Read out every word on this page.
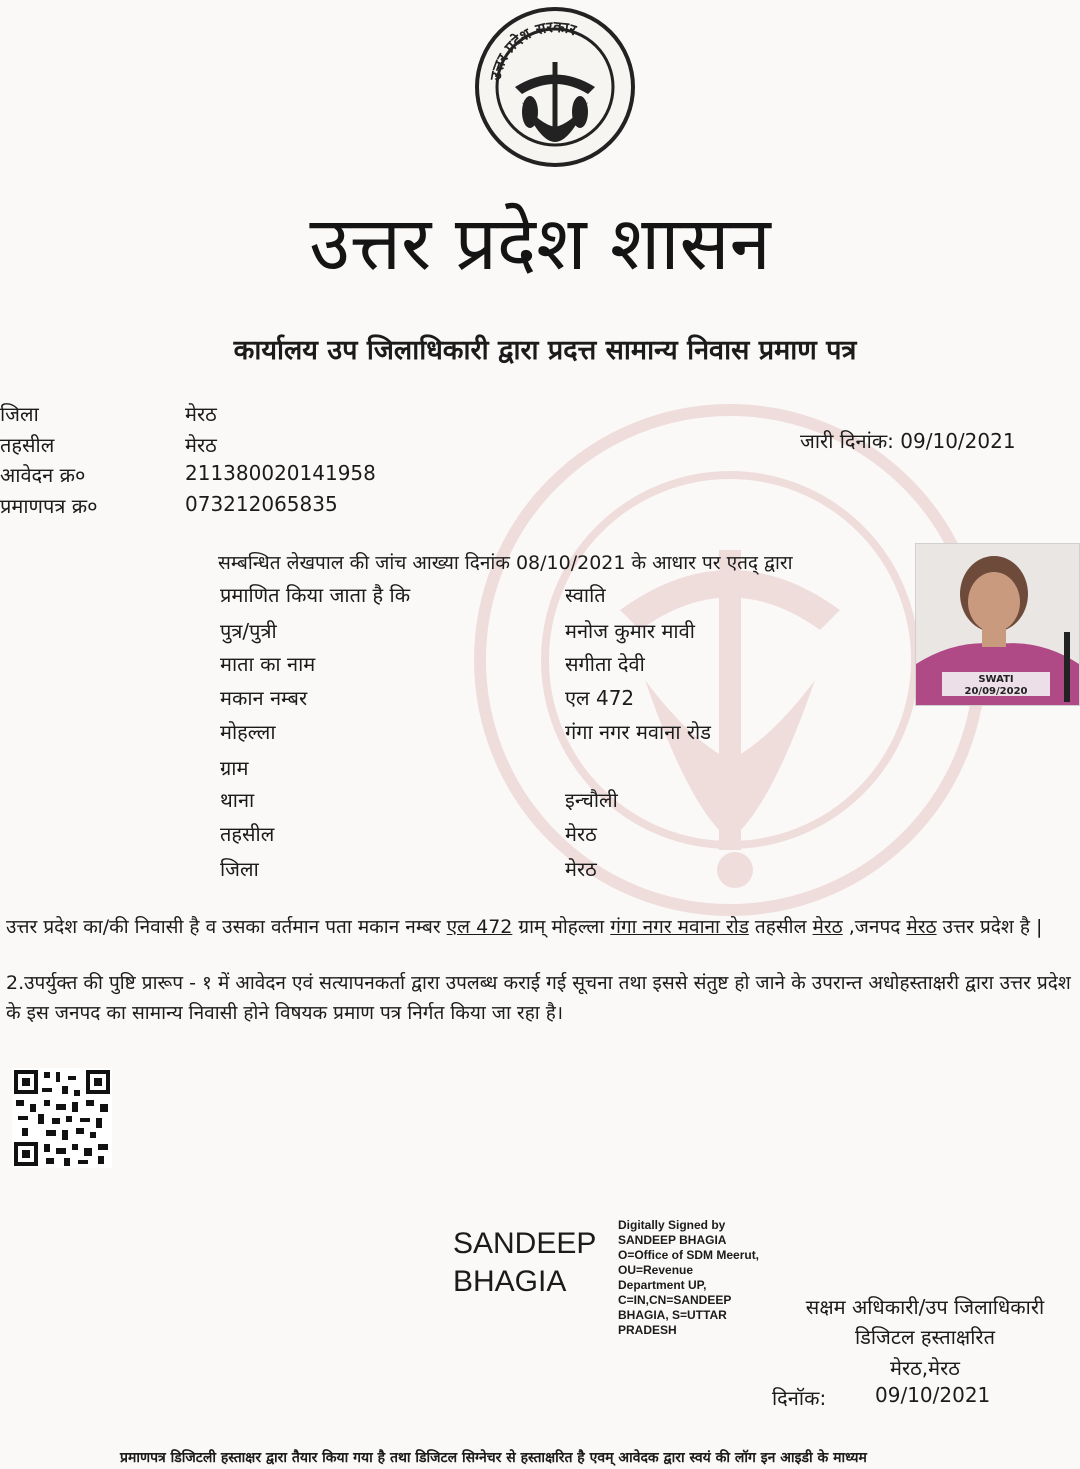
उत्तर प्रदेश सरकार
उत्तर प्रदेश शासन
कार्यालय उप जिलाधिकारी द्वारा प्रदत्त सामान्य निवास प्रमाण पत्र
जिला	मेरठ
तहसील	मेरठ
आवेदन क्र०	211380020141958
प्रमाणपत्र क्र०	073212065835
जारी दिनांक: 09/10/2021
सम्बन्धित लेखपाल की जांच आख्या दिनांक 08/10/2021 के आधार पर एतद् द्वारा
प्रमाणित किया जाता है कि	स्वाति
पुत्र/पुत्री	मनोज कुमार मावी
माता का नाम	सगीता देवी
मकान नम्बर	एल 472
मोहल्ला	गंगा नगर मवाना रोड
ग्राम
थाना	इन्चौली
तहसील	मेरठ
जिला	मेरठ
SWATI
20/09/2020
उत्तर प्रदेश का/की निवासी है व उसका वर्तमान पता मकान नम्बर एल 472 ग्राम् मोहल्ला गंगा नगर मवाना रोड तहसील मेरठ ,जनपद मेरठ उत्तर प्रदेश है |
2.उपर्युक्त की पुष्टि प्रारूप - १ में आवेदन एवं सत्यापनकर्ता द्वारा उपलब्ध कराई गई सूचना तथा इससे संतुष्ट हो जाने के उपरान्त अधोहस्ताक्षरी द्वारा उत्तर प्रदेश के इस जनपद का सामान्य निवासी होने विषयक प्रमाण पत्र निर्गत किया जा रहा है।
SANDEEP
BHAGIA
Digitally Signed by
SANDEEP BHAGIA
O=Office of SDM Meerut,
OU=Revenue
Department UP,
C=IN,CN=SANDEEP
BHAGIA, S=UTTAR
PRADESH
सक्षम अधिकारी/उप जिलाधिकारी
डिजिटल हस्ताक्षरित
मेरठ,मेरठ
दिनॉक: 09/10/2021
प्रमाणपत्र डिजिटली हस्ताक्षर द्वारा तैयार किया गया है तथा डिजिटल सिग्नेचर से हस्ताक्षरित है एवम् आवेदक द्वारा स्वयं की लॉग इन आइडी के माध्यम
